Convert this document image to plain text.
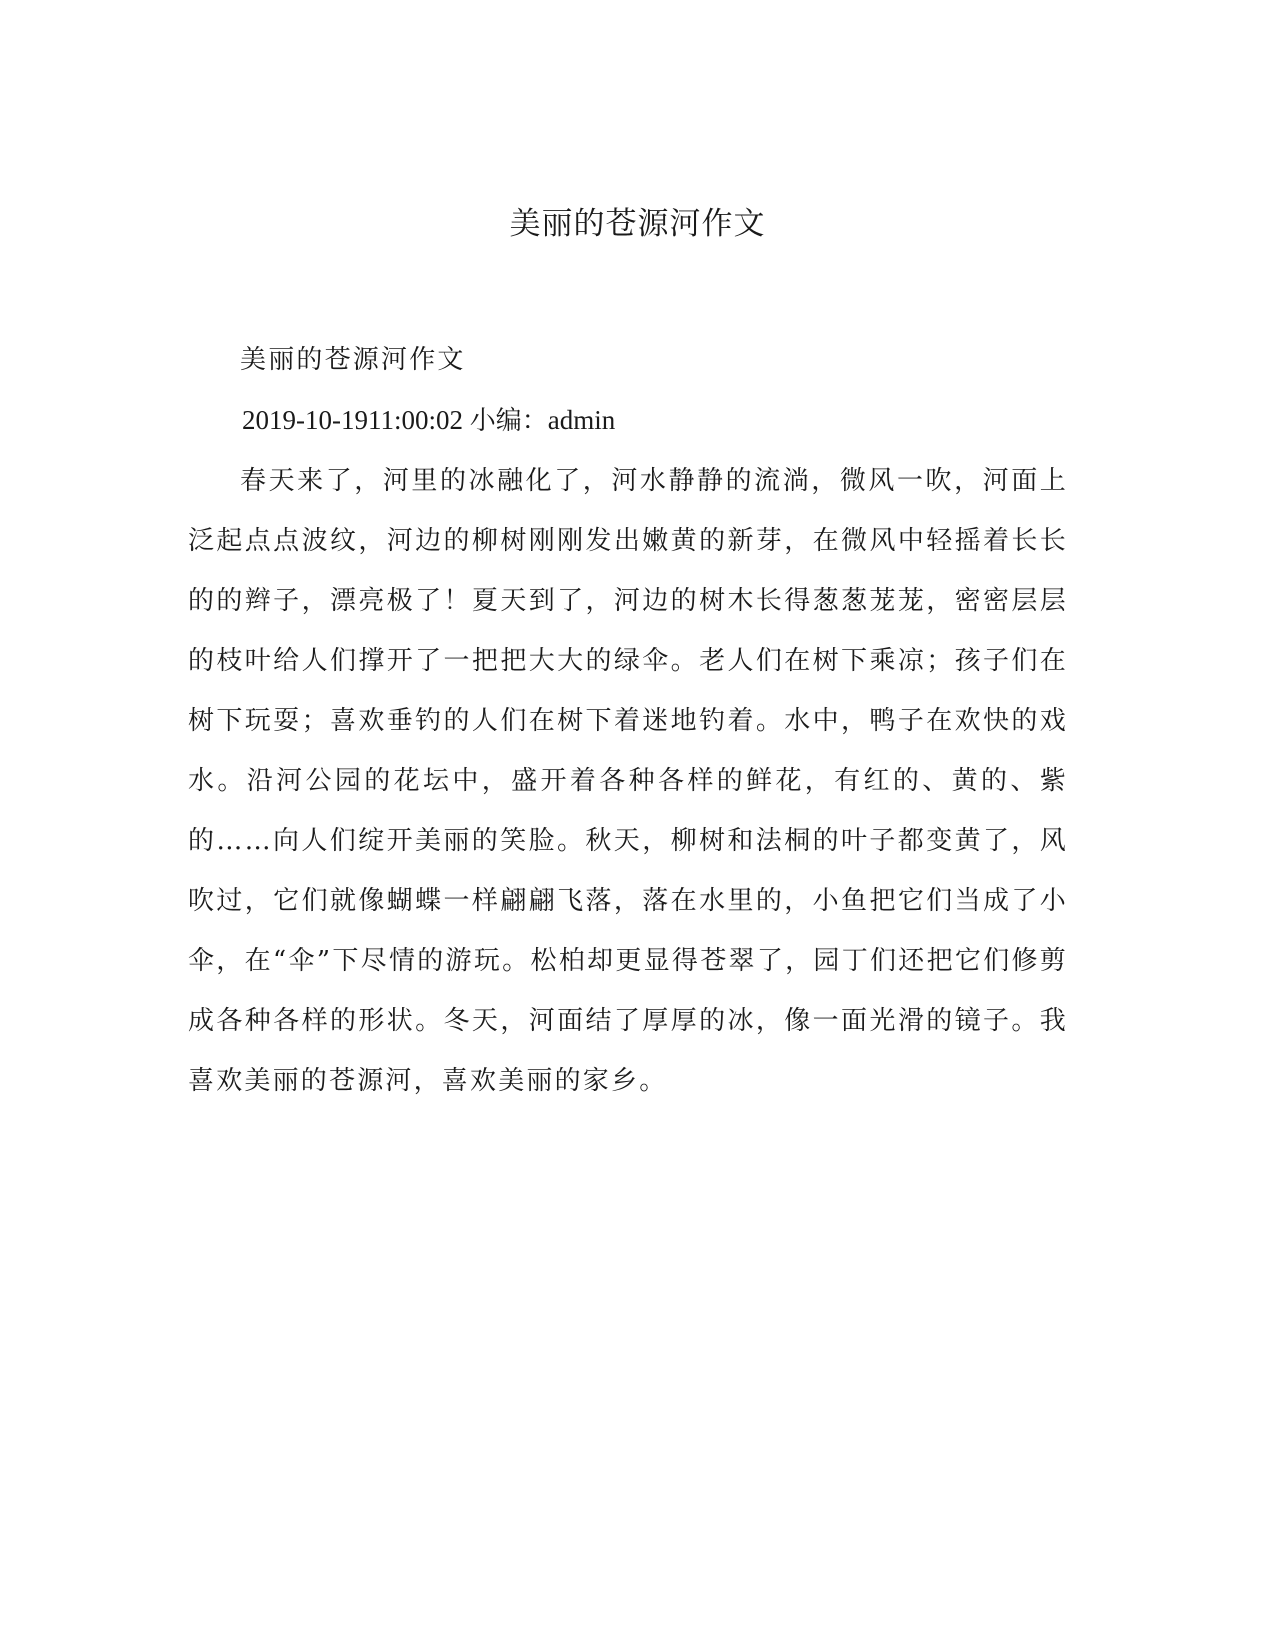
美丽的苍源河作文

美丽的苍源河作文

2019-10-1911:00:02 小编：admin

春天来了，河里的冰融化了，河水静静的流淌，微风一吹，河面上泛起点点波纹，河边的柳树刚刚发出嫩黄的新芽，在微风中轻摇着长长的的辫子，漂亮极了！夏天到了，河边的树木长得葱葱茏茏，密密层层的枝叶给人们撑开了一把把大大的绿伞。老人们在树下乘凉；孩子们在树下玩耍；喜欢垂钓的人们在树下着迷地钓着。水中，鸭子在欢快的戏水。沿河公园的花坛中，盛开着各种各样的鲜花，有红的、黄的、紫的……向人们绽开美丽的笑脸。秋天，柳树和法桐的叶子都变黄了，风吹过，它们就像蝴蝶一样翩翩飞落，落在水里的，小鱼把它们当成了小伞，在“伞”下尽情的游玩。松柏却更显得苍翠了，园丁们还把它们修剪成各种各样的形状。冬天，河面结了厚厚的冰，像一面光滑的镜子。我喜欢美丽的苍源河，喜欢美丽的家乡。
